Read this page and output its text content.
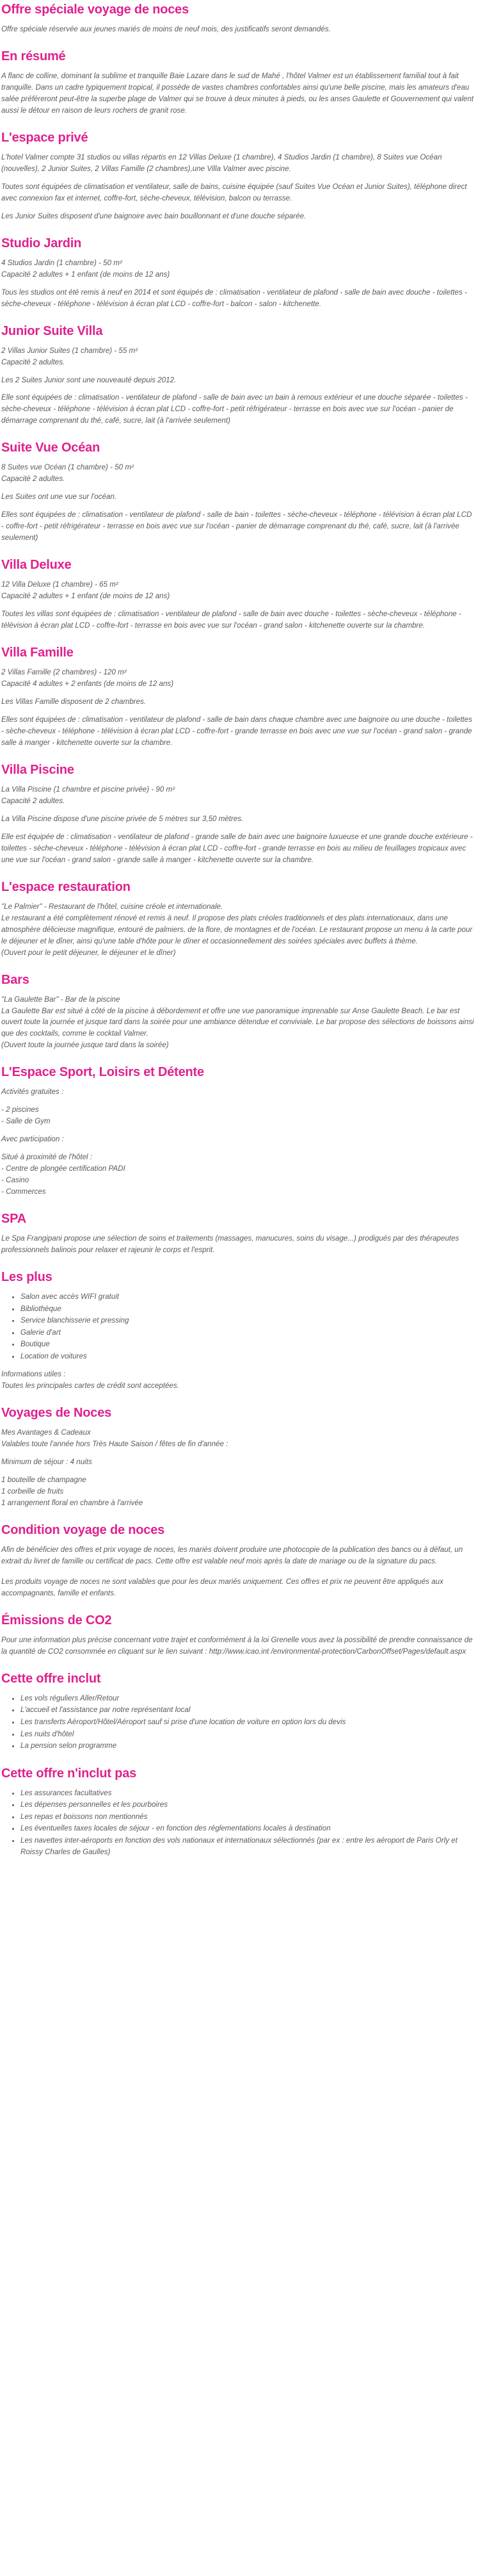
Offre spéciale voyage de noces

Offre spéciale réservée aux jeunes mariés de moins de neuf mois, des justificatifs seront demandés.

En résumé

A flanc de colline, dominant la sublime et tranquille Baie Lazare dans le sud de Mahé , l'hôtel Valmer est un établissement familial tout à fait tranquille. Dans un cadre typiquement tropical, il possède de vastes chambres confortables ainsi qu'une belle piscine, mais les amateurs d'eau salée préféreront peut-être la superbe plage de Valmer qui se trouve à deux minutes à pieds, ou les anses Gaulette et Gouvernement qui valent aussi le détour en raison de leurs rochers de granit rose.

L'espace privé

L'hotel Valmer compte 31 studios ou villas répartis en 12 Villas Deluxe (1 chambre), 4 Studios Jardin (1 chambre), 8 Suites vue Océan (nouvelles), 2 Junior Suites, 2 Villas Famille (2 chambres),une Villa Valmer avec piscine.

Toutes sont équipées de climatisation et ventilateur, salle de bains, cuisine équipée (sauf Suites Vue Océan et Junior Suites), téléphone direct avec connexion fax et internet, coffre-fort, sèche-cheveux, télévision, balcon ou terrasse.

Les Junior Suites disposent d'une baignoire avec bain bouillonnant et d'une douche séparée.

Studio Jardin

4 Studios Jardin (1 chambre) - 50 m²
Capacité 2 adultes + 1 enfant (de moins de 12 ans)

Tous les studios ont été remis à neuf en 2014 et sont équipés de : climatisation - ventilateur de plafond - salle de bain avec douche - toilettes - sèche-cheveux - téléphone - télévision à écran plat LCD - coffre-fort - balcon - salon - kitchenette.

Junior Suite Villa

2 Villas Junior Suites (1 chambre) - 55 m²
Capacité 2 adultes.

Les 2 Suites Junior sont une nouveauté depuis 2012.

Elle sont équipées de : climatisation - ventilateur de plafond - salle de bain avec un bain à remous extérieur et une douche séparée - toilettes - sèche-cheveux - téléphone - télévision à écran plat LCD - coffre-fort - petit réfrigérateur - terrasse en bois avec vue sur l'océan - panier de démarrage comprenant du thé, café, sucre, lait (à l'arrivée seulement)

Suite Vue Océan

8 Suites vue Océan (1 chambre) - 50 m²
Capacité 2 adultes.

Les Suites ont une vue sur l'océan.

Elles sont équipées de : climatisation - ventilateur de plafond - salle de bain - toilettes - sèche-cheveux - téléphone - télévision à écran plat LCD - coffre-fort - petit réfrigérateur - terrasse en bois avec vue sur l'océan - panier de démarrage comprenant du thé, café, sucre, lait (à l'arrivée seulement)

Villa Deluxe

12 Villa Deluxe (1 chambre) - 65 m²
Capacité 2 adultes + 1 enfant (de moins de 12 ans)

Toutes les villas sont équipées de : climatisation - ventilateur de plafond - salle de bain avec douche - toilettes - sèche-cheveux - téléphone - télévision à écran plat LCD - coffre-fort - terrasse en bois avec vue sur l'océan - grand salon - kitchenette ouverte sur la chambre.

Villa Famille

2 Villas Famille (2 chambres) - 120 m²
Capacité 4 adultes + 2 enfants (de moins de 12 ans)

Les Villas Famille disposent de 2 chambres.

Elles sont équipées de : climatisation - ventilateur de plafond - salle de bain dans chaque chambre avec une baignoire ou une douche - toilettes - sèche-cheveux - téléphone - télévision à écran plat LCD - coffre-fort - grande terrasse en bois avec une vue sur l'océan - grand salon - grande salle à manger - kitchenette ouverte sur la chambre.

Villa Piscine

La Villa Piscine (1 chambre et piscine privée) - 90 m²
Capacité 2 adultes.

La Villa Piscine dispose d'une piscine privée de 5 mètres sur 3,50 mètres.

Elle est équipée de : climatisation - ventilateur de plafond - grande salle de bain avec une baignoire luxueuse et une grande douche extérieure - toilettes - sèche-cheveux - téléphone - télévision à écran plat LCD - coffre-fort - grande terrasse en bois au milieu de feuillages tropicaux avec une vue sur l'océan - grand salon - grande salle à manger - kitchenette ouverte sur la chambre.

L'espace restauration

"Le Palmier" - Restaurant de l'hôtel, cuisine créole et internationale.
Le restaurant a été complètement rénové et remis à neuf. Il propose des plats créoles traditionnels et des plats internationaux, dans une atmosphère délicieuse magnifique, entouré de palmiers, de la flore, de montagnes et de l'océan. Le restaurant propose un menu à la carte pour le déjeuner et le dîner, ainsi qu'une table d'hôte pour le dîner et occasionnellement des soirées spéciales avec buffets à thème.
(Ouvert pour le petit déjeuner, le déjeuner et le dîner)

Bars

"La Gaulette Bar" - Bar de la piscine
La Gaulette Bar est situé à côté de la piscine à débordement et offre une vue panoramique imprenable sur Anse Gaulette Beach. Le bar est ouvert toute la journée et jusque tard dans la soirée pour une ambiance détendue et conviviale. Le bar propose des sélections de boissons ainsi que des cocktails, comme le cocktail Valmer.
(Ouvert toute la journée jusque tard dans la soirée)

L'Espace Sport, Loisirs et Détente

Activités gratuites :

- 2 piscines
- Salle de Gym

Avec participation :

Situé à proximité de l'hôtel :
- Centre de plongée certification PADI
- Casino
- Commerces

SPA

Le Spa Frangipani propose une sélection de soins et traitements (massages, manucures, soins du visage...) prodigués par des thérapeutes professionnels balinois pour relaxer et rajeunir le corps et l'esprit.

Les plus
• Salon avec accès WIFI gratuit
• Bibliothèque
• Service blanchisserie et pressing
• Galerie d'art
• Boutique
• Location de voitures

Informations utiles :
Toutes les principales cartes de crédit sont acceptées.

Voyages de Noces

Mes Avantages & Cadeaux
Valables toute l'année hors Très Haute Saison / fêtes de fin d'année :

Minimum de séjour : 4 nuits

1 bouteille de champagne
1 corbeille de fruits
1 arrangement floral en chambre à l'arrivée

Condition voyage de noces

Afin de bénéficier des offres et prix voyage de noces, les mariés doivent produire une photocopie de la publication des bancs ou à défaut, un extrait du livret de famille ou certificat de pacs. Cette offre est valable neuf mois après la date de mariage ou de la signature du pacs.

Les produits voyage de noces ne sont valables que pour les deux mariés uniquement. Ces offres et prix ne peuvent être appliqués aux accompagnants, famille et enfants.

Émissions de CO2

Pour une information plus précise concernant votre trajet et conformément à la loi Grenelle vous avez la possibilité de prendre connaissance de la quantité de CO2 consommée en cliquant sur le lien suivant : http://www.icao.int /environmental-protection/CarbonOffset/Pages/default.aspx

Cette offre inclut
• Les vols réguliers Aller/Retour
• L'accueil et l'assistance par notre représentant local
• Les transferts Aéroport/Hôtel/Aéroport sauf si prise d'une location de voiture en option lors du devis
• Les nuits d'hôtel
• La pension selon programme
Cette offre n'inclut pas
• Les assurances facultatives
• Les dépenses personnelles et les pourboires
• Les repas et boissons non mentionnés
• Les éventuelles taxes locales de séjour - en fonction des réglementations locales à destination
• Les navettes inter-aéroports en fonction des vols nationaux et internationaux sélectionnés (par ex : entre les aéroport de Paris Orly et Roissy Charles de Gaulles)
